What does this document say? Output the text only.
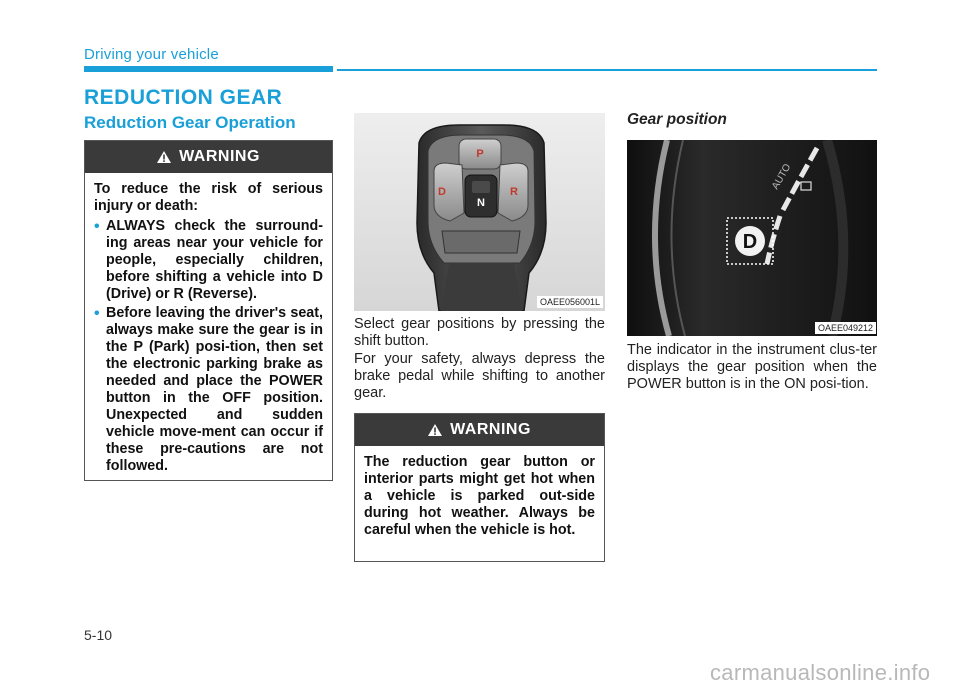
Driving your vehicle
REDUCTION GEAR
Reduction Gear Operation
WARNING

To reduce the risk of serious injury or death:

• ALWAYS check the surround-ing areas near your vehicle for people, especially children, before shifting a vehicle into D (Drive) or R (Reverse).
• Before leaving the driver's seat, always make sure the gear is in the P (Park) posi-tion, then set the electronic parking brake as needed and place the POWER button in the OFF position. Unexpected and sudden vehicle move-ment can occur if these pre-cautions are not followed.
P
D	R
N
OAEE056001L

Select gear positions by pressing the shift button.

For your safety, always depress the brake pedal while shifting to another gear.

WARNING

The reduction gear button or interior parts might get hot when a vehicle is parked out-side during hot weather. Always be careful when the vehicle is hot.

Gear position
AUTO
D
OAEE049212

The indicator in the instrument clus-ter displays the gear position when the POWER button is in the ON posi-tion.

5-10
carmanualsonline.info
